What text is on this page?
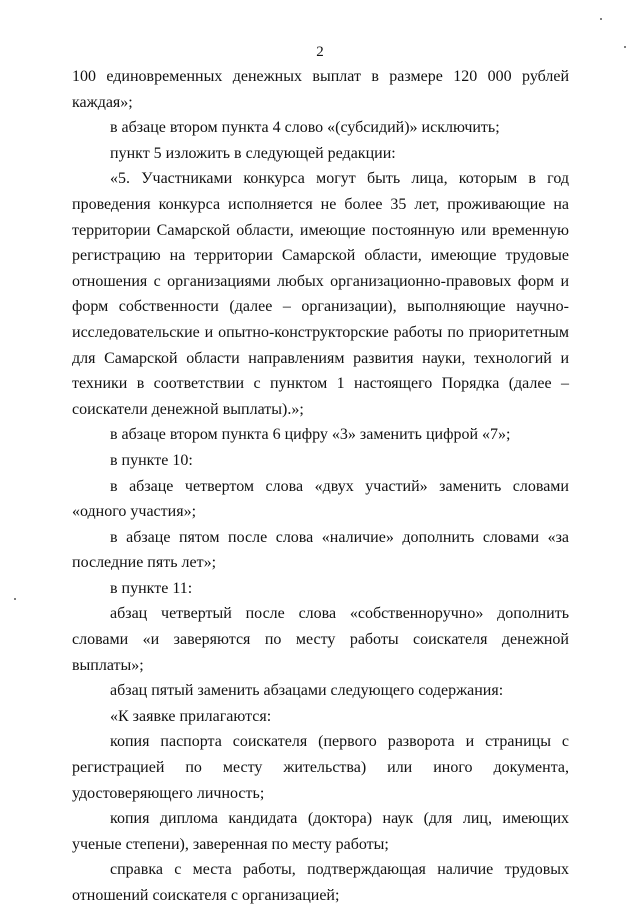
2

100 единовременных денежных выплат в размере 120 000 рублей каждая»;

в абзаце втором пункта 4 слово «(субсидий)» исключить;

пункт 5 изложить в следующей редакции:

«5. Участниками конкурса могут быть лица, которым в год проведения конкурса исполняется не более 35 лет, проживающие на территории Самарской области, имеющие постоянную или временную регистрацию на территории Самарской области, имеющие трудовые отношения с организациями любых организационно-правовых форм и форм собственности (далее – организации), выполняющие научно-исследовательские и опытно-конструкторские работы по приоритетным для Самарской области направлениям развития науки, технологий и техники в соответствии с пунктом 1 настоящего Порядка (далее – соискатели денежной выплаты).»;

в абзаце втором пункта 6 цифру «3» заменить цифрой «7»;

в пункте 10:

в абзаце четвертом слова «двух участий» заменить словами «одного участия»;

в абзаце пятом после слова «наличие» дополнить словами «за последние пять лет»;

в пункте 11:

абзац четвертый после слова «собственноручно» дополнить словами «и заверяются по месту работы соискателя денежной выплаты»;

абзац пятый заменить абзацами следующего содержания:

«К заявке прилагаются:

копия паспорта соискателя (первого разворота и страницы с регистрацией по месту жительства) или иного документа, удостоверяющего личность;

копия диплома кандидата (доктора) наук (для лиц, имеющих ученые степени), заверенная по месту работы;

справка с места работы, подтверждающая наличие трудовых отношений соискателя с организацией;
